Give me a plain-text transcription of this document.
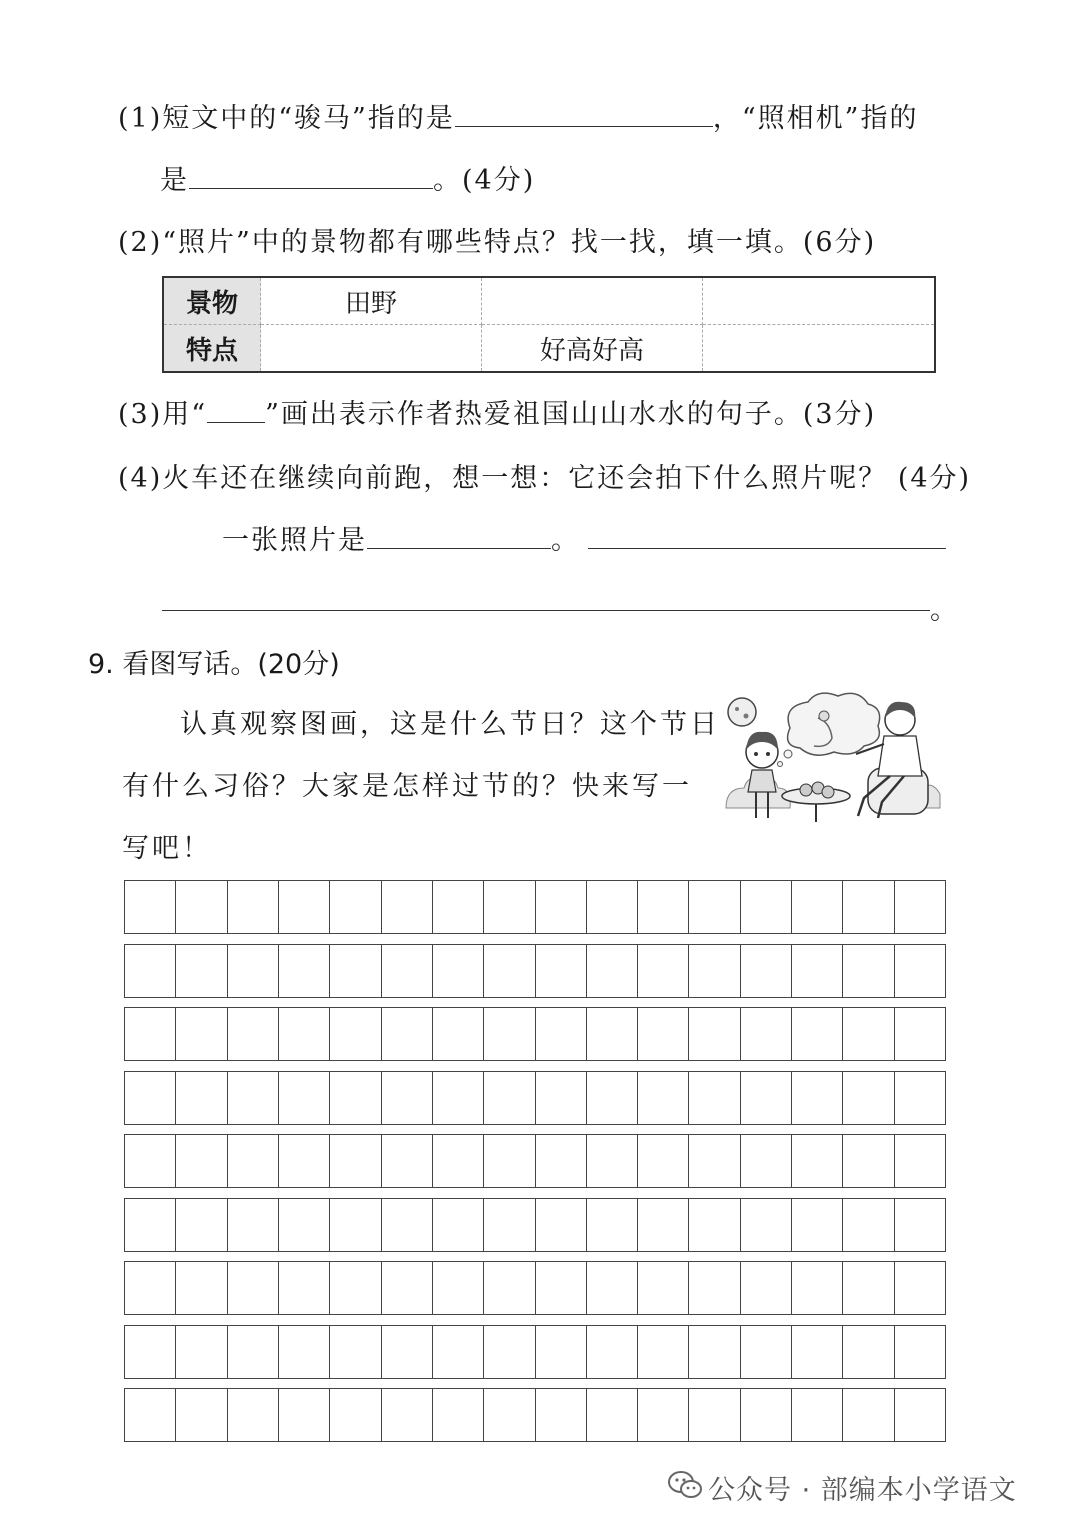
(1)短文中的“骏马”指的是	，“照相机”指的
是	。(4分)
(2)“照片”中的景物都有哪些特点？找一找，填一填。(6分)
景物	田野		
特点		好高好高	
(3)用“ ”画出表示作者热爱祖国山山水水的句子。(3分)
(4)火车还在继续向前跑，想一想：它还会拍下什么照片呢？ (4分)
一张照片是	。
。
9. 看图写话。(20分)
认真观察图画，这是什么节日？这个节日
有什么习俗？大家是怎样过节的？快来写一
写吧！
公众号 · 部编本小学语文
